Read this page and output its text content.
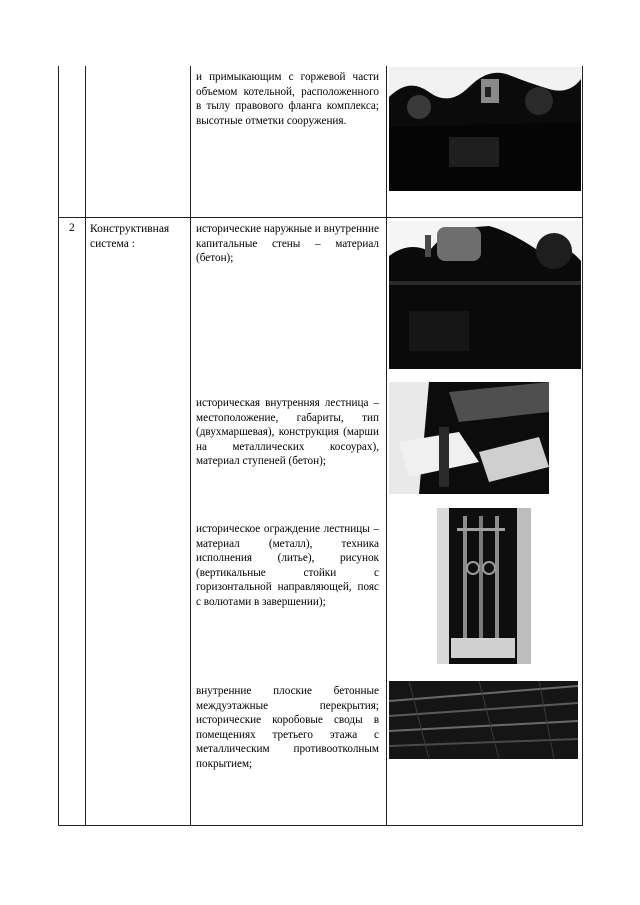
и примыкающим с горжевой части объемом котельной, расположенного в тылу правового фланга комплекса; высотные отметки сооружения.
2 Конструктивная система :
исторические наружные и внутренние капитальные стены – материал (бетон);
историческая внутренняя лестница – местоположение, габариты, тип (двухмаршевая), конструкция (марши на металлических косоурах), материал ступеней (бетон);
историческое ограждение лестницы – материал (металл), техника исполнения (литье), рисунок (вертикальные стойки с горизонтальной направляющей, пояс с волютами в завершении);
внутренние плоские бетонные междуэтажные перекрытия; исторические коробовые своды в помещениях третьего этажа с металлическим противоотколным покрытием;
